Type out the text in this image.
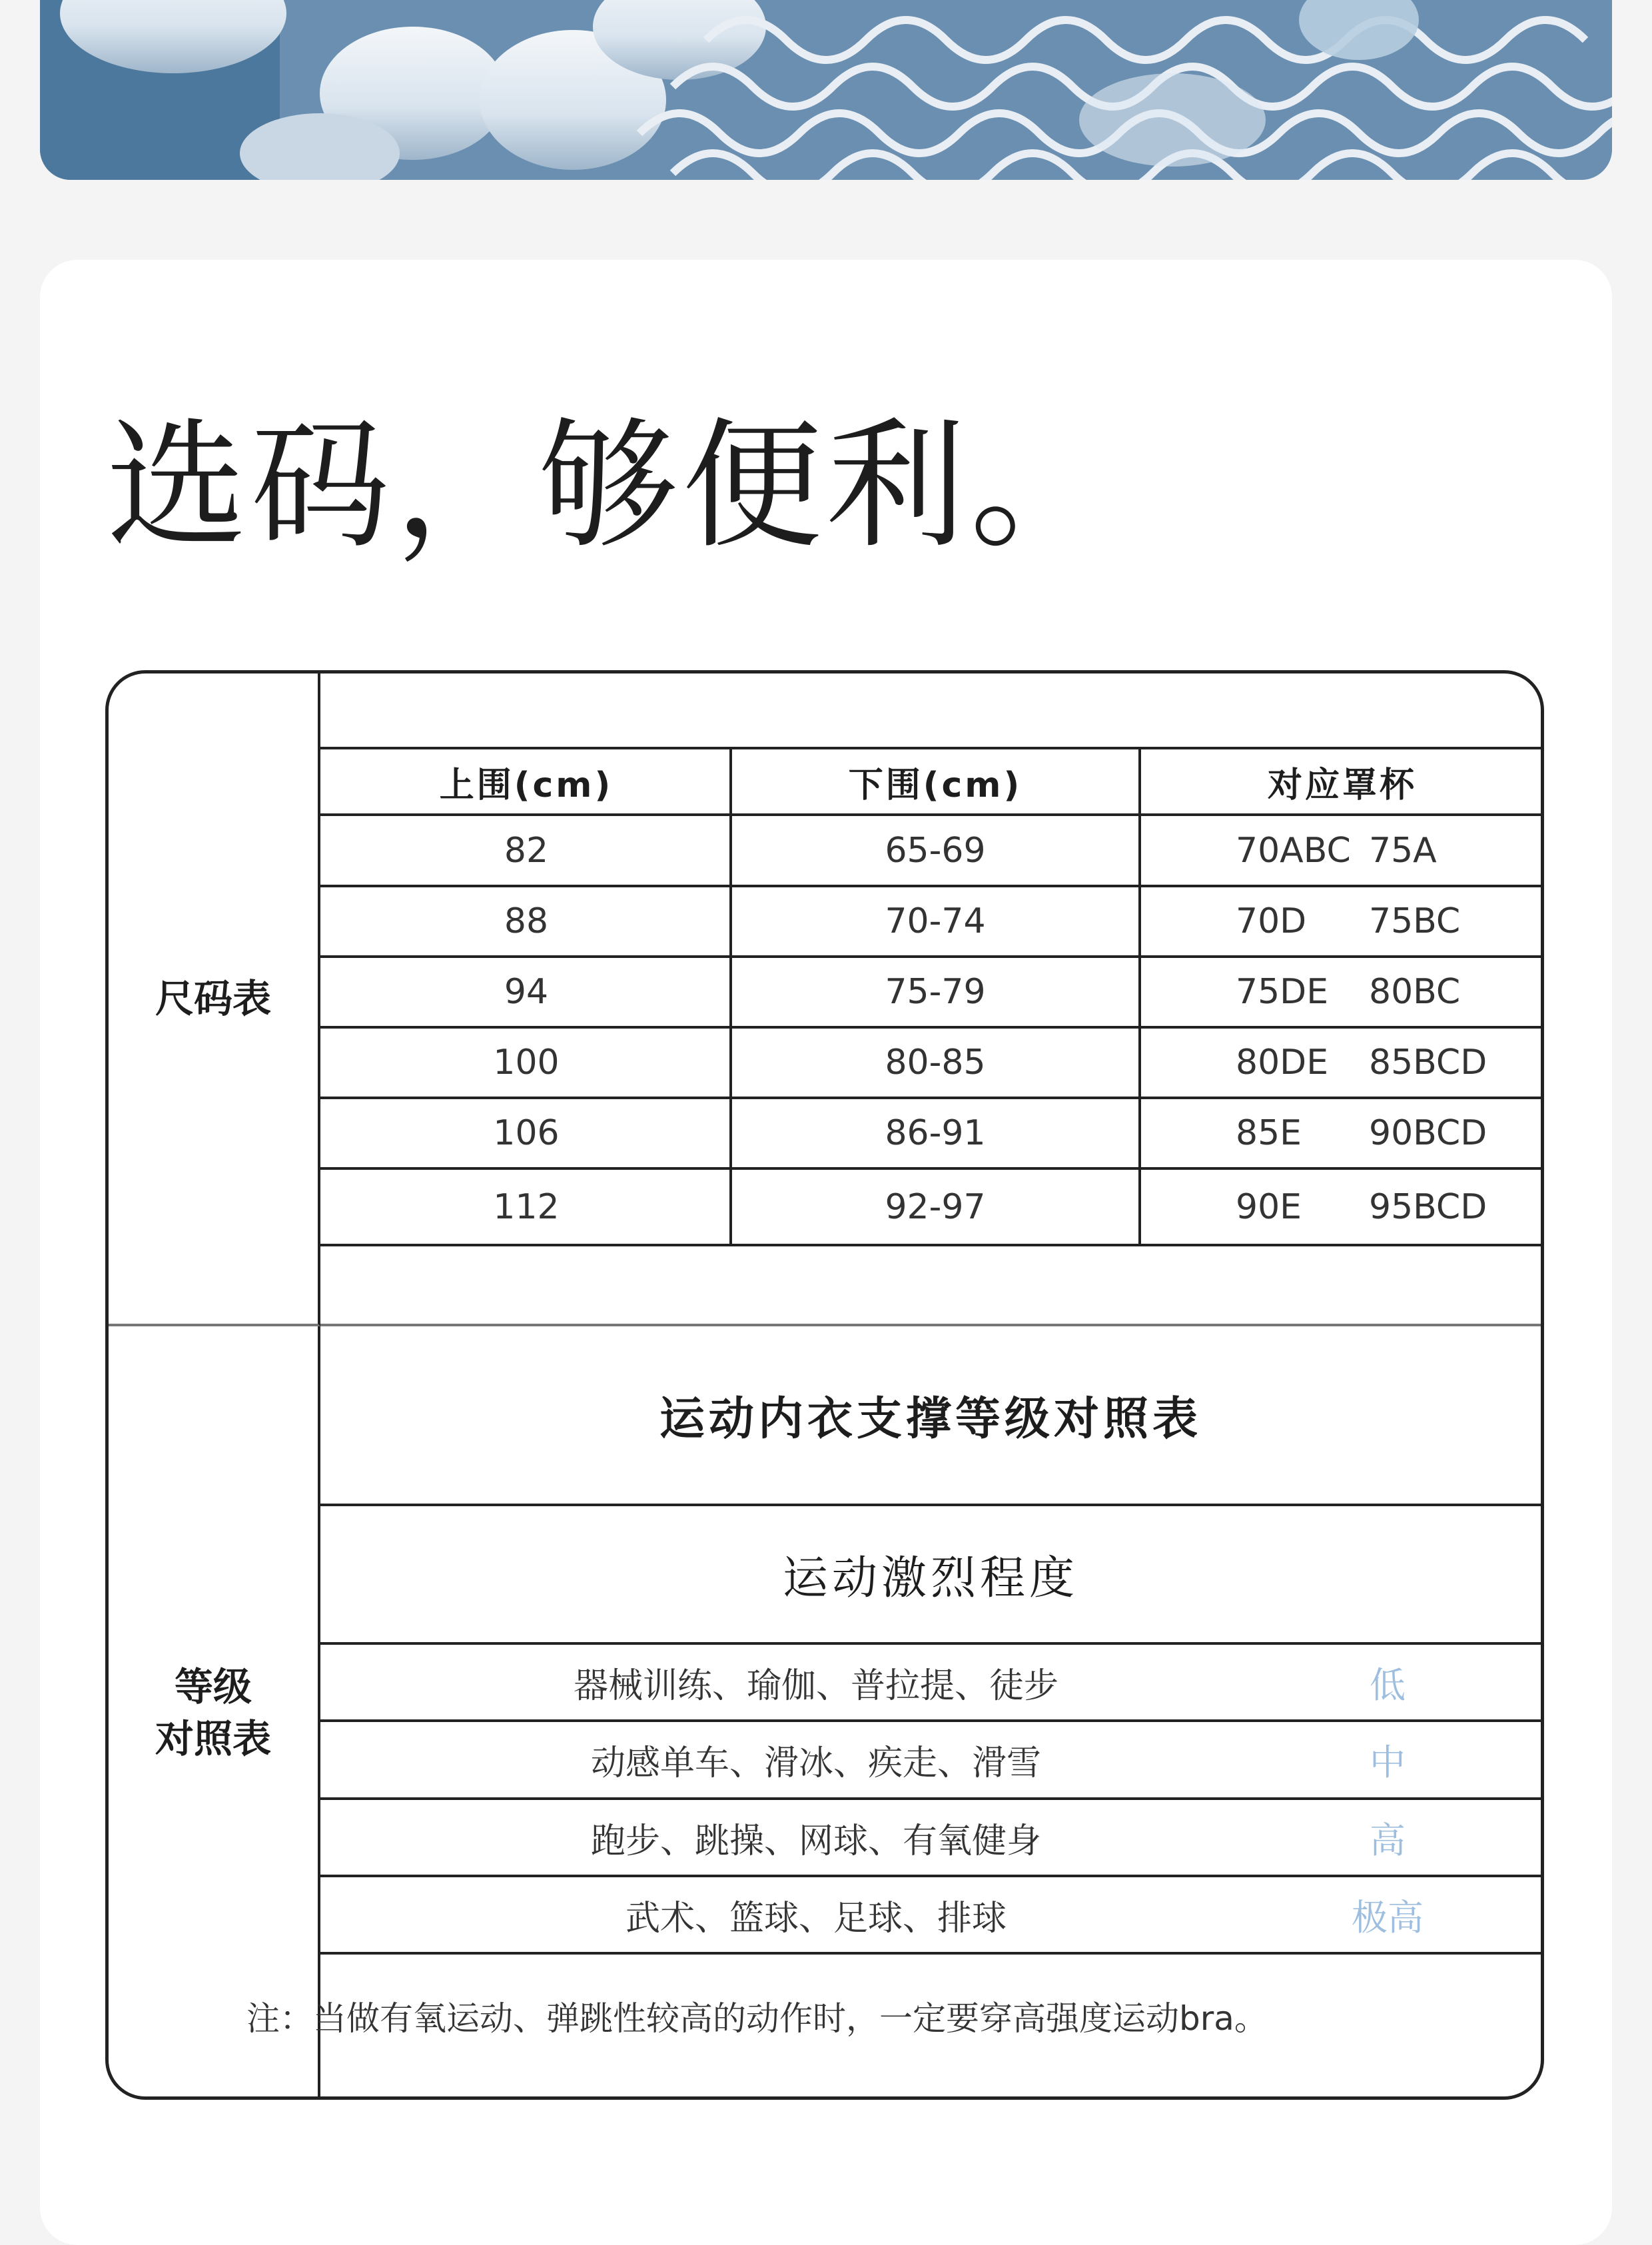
选码，够便利。
尺码表
上围(cm)	下围(cm)	对应罩杯
82	65-69	70ABC 75A
88	70-74	70D 75BC
94	75-79	75DE 80BC
100	80-85	80DE 85BCD
106	86-91	85E 90BCD
112	92-97	90E 95BCD
等级
对照表
运动内衣支撑等级对照表
运动激烈程度
器械训练、瑜伽、普拉提、徒步	低
动感单车、滑冰、疾走、滑雪	中
跑步、跳操、网球、有氧健身	高
武术、篮球、足球、排球	极高
注：当做有氧运动、弹跳性较高的动作时，一定要穿高强度运动bra。
